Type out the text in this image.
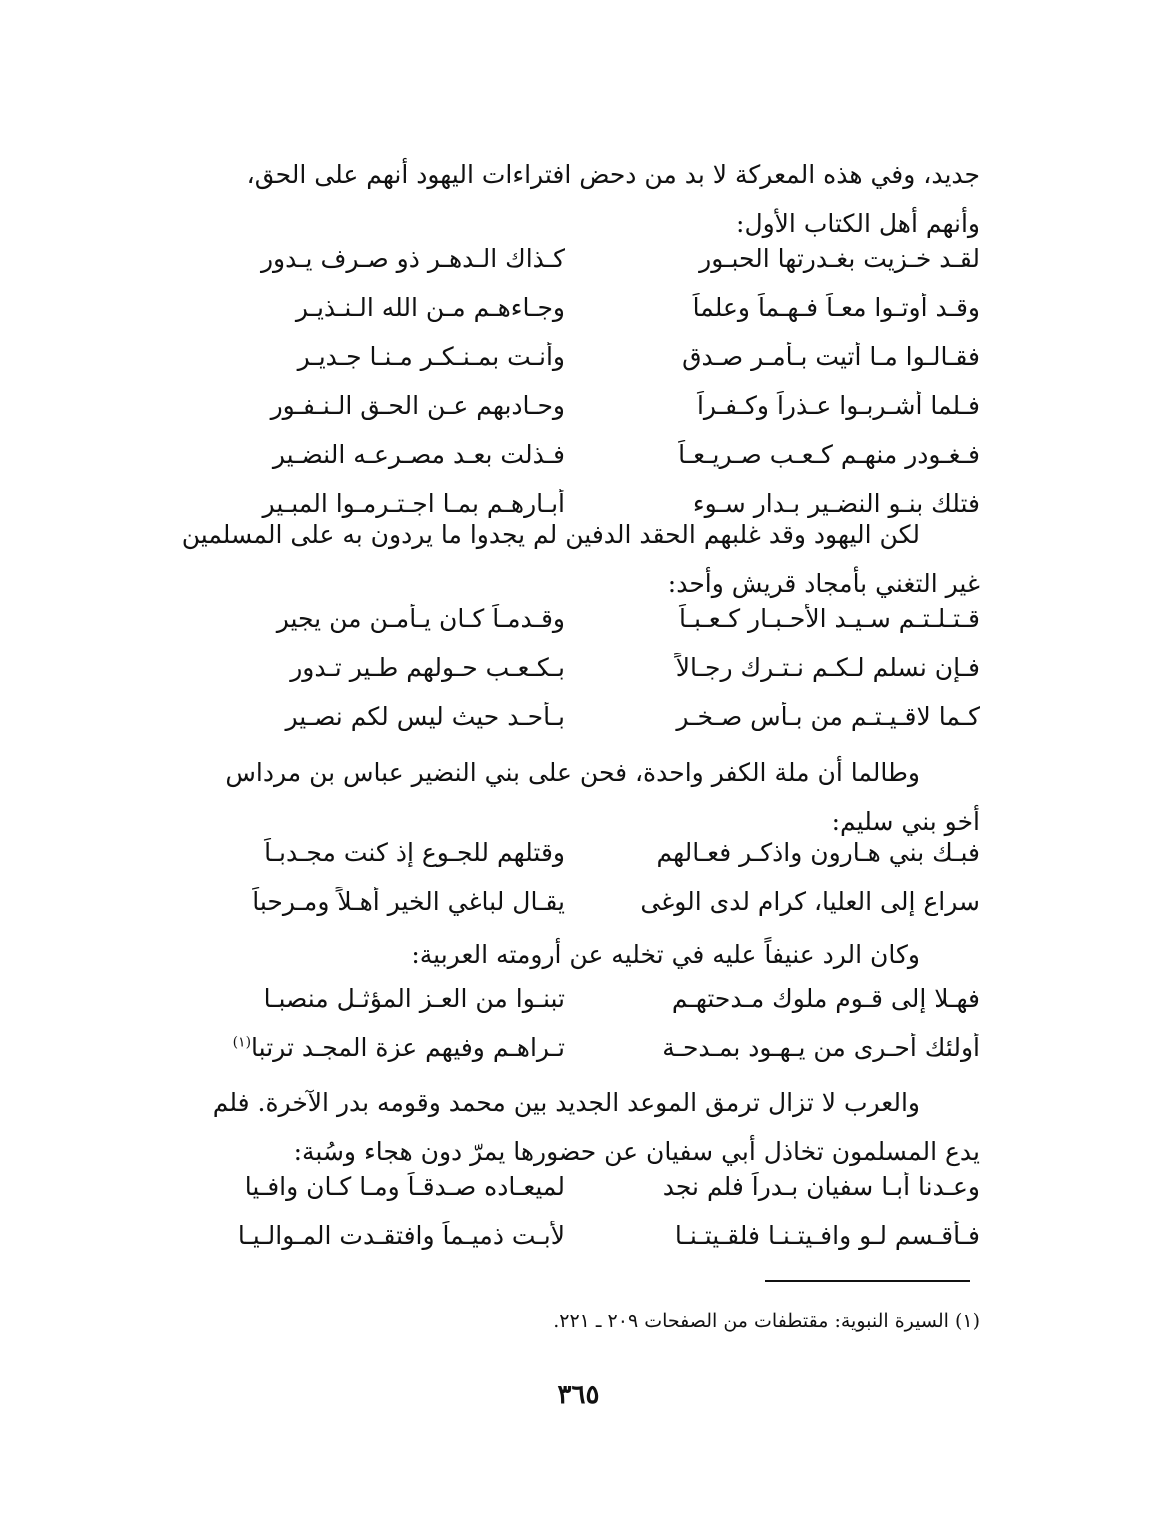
جديد، وفي هذه المعركة لا بد من دحض افتراءات اليهود أنهم على الحق،

وأنهم أهل الكتاب الأول:

لقـد خـزيت بغـدرتها الحبـور
كـذاك الـدهـر ذو صـرف يـدور
وقـد أوتـوا معـاً فـهـماً وعلماً
وجـاءهـم مـن الله الـنـذيـر
فقـالـوا مـا أتيت بـأمـر صـدق
وأنـت بمـنـكـر مـنـا جـديـر
فـلما أشـربـوا عـذراً وكـفـراً
وحـادبهم عـن الحـق الـنـفـور
فـغـودر منهـم كـعـب صـريـعـاً
فـذلت بعـد مصـرعـه النضـير
فتلك بنـو النضـير بـدار سـوء
أبـارهـم بمـا اجـتـرمـوا المبـير

لكن اليهود وقد غلبهم الحقد الدفين لم يجدوا ما يردون به على المسلمين

غير التغني بأمجاد قريش وأحد:

قـتـلـتـم سـيـد الأحـبـار كـعـبـاً
وقـدمـاً كـان يـأمـن من يجير
فـإن نسلم لـكـم نـتـرك رجـالاً
بـكـعـب حـولهم طـير تـدور
كـما لاقـيـتـم من بـأس صـخـر
بـأحـد حيث ليس لكم نصـير

وطالما أن ملة الكفر واحدة، فحن على بني النضير عباس بن مرداس

أخو بني سليم:

فبـك بني هـارون واذكـر فعـالهم
وقتلهم للجـوع إذ كنت مجـدبـاً
سراع إلى العليا، كرام لدى الوغى
يقـال لباغي الخير أهـلاً ومـرحباً

وكان الرد عنيفاً عليه في تخليه عن أرومته العربية:

فهـلا إلى قـوم ملوك مـدحتهـم
تبنـوا من العـز المؤثـل منصبـا
أولئك أحـرى من يـهـود بمـدحـة
تـراهـم وفيهم عزة المجـد ترتبا$^{(١)}$

والعرب لا تزال ترمق الموعد الجديد بين محمد وقومه بدر الآخرة. فلم

يدع المسلمون تخاذل أبي سفيان عن حضورها يمرّ دون هجاء وسُبة:

وعـدنا أبـا سفيان بـدراً فلم نجد
لميعـاده صـدقـاً ومـا كـان وافـيا
فـأقـسم لـو وافـيتـنـا فلقـيتـنـا
لأبـت ذميـماً وافتقـدت المـوالـيـا
(١) السيرة النبوية: مقتطفات من الصفحات ٢٠٩ ـ ٢٢١.
٣٦٥
